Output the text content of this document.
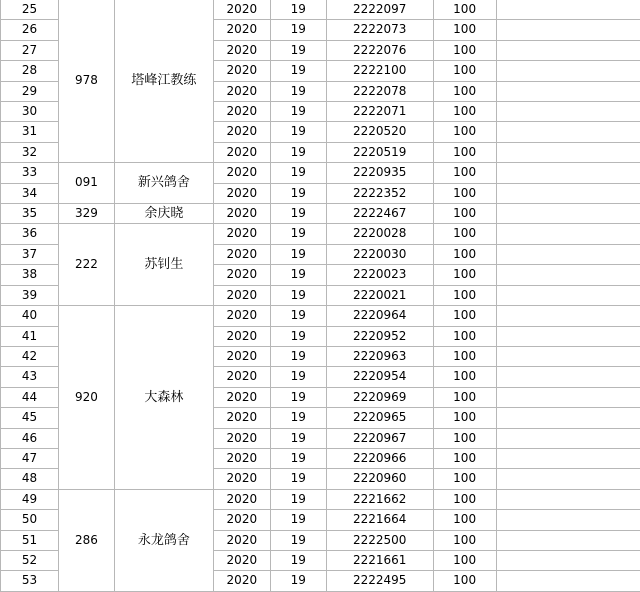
25	978	塔峰江教练	2020	19	2222097	100	
26			2020	19	2222073	100	
27			2020	19	2222076	100	
28			2020	19	2222100	100	
29			2020	19	2222078	100	
30			2020	19	2222071	100	
31			2020	19	2220520	100	
32			2020	19	2220519	100	
33	091	新兴鸽舍	2020	19	2220935	100	
34			2020	19	2222352	100	
35	329	余庆晓	2020	19	2222467	100	
36	222	苏钊生	2020	19	2220028	100	
37			2020	19	2220030	100	
38			2020	19	2220023	100	
39			2020	19	2220021	100	
40	920	大森林	2020	19	2220964	100	
41			2020	19	2220952	100	
42			2020	19	2220963	100	
43			2020	19	2220954	100	
44			2020	19	2220969	100	
45			2020	19	2220965	100	
46			2020	19	2220967	100	
47			2020	19	2220966	100	
48			2020	19	2220960	100	
49	286	永龙鸽舍	2020	19	2221662	100	
50			2020	19	2221664	100	
51			2020	19	2222500	100	
52			2020	19	2221661	100	
53			2020	19	2222495	100	
